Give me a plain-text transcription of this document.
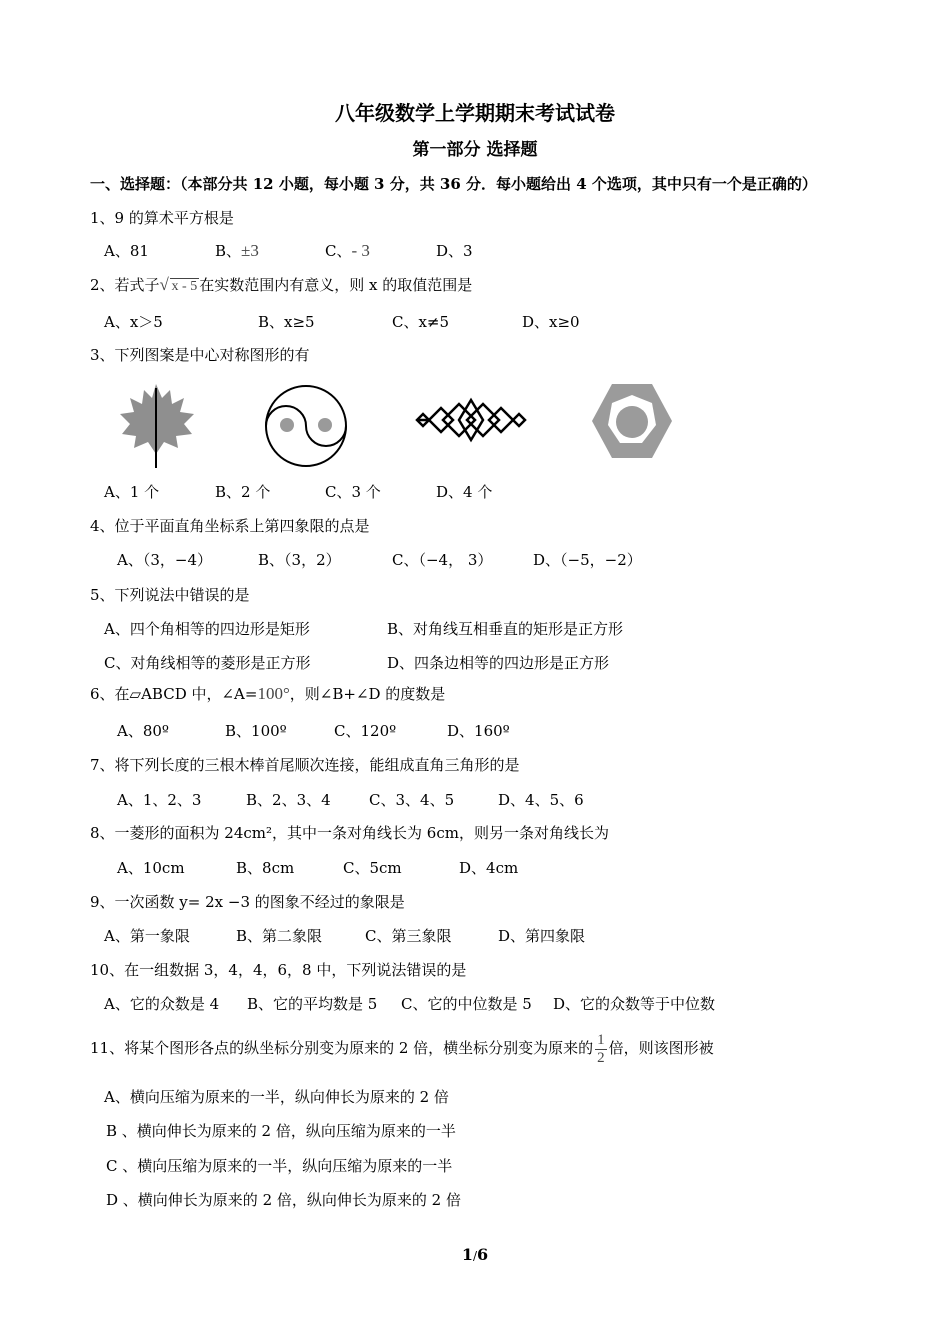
八年级数学上学期期末考试试卷
第一部分 选择题
一、选择题：（本部分共 12 小题，每小题 3 分，共 36 分．每小题给出 4 个选项，其中只有一个是正确的）
1、9 的算术平方根是
A、81	B、±3	C、- 3	D、3
2、若式子 √ x - 5 在实数范围内有意义，则 x 的取值范围是
A、x＞5	B、x≥5	C、x≠5	D、x≥0
3、下列图案是中心对称图形的有
A、1 个	B、2 个	C、3 个	D、4 个
4、位于平面直角坐标系上第四象限的点是
A、（3，−4）	B、（3，2）	C、（−4， 3）	D、（−5，−2）
5、下列说法中错误的是
A、四个角相等的四边形是矩形	B、对角线互相垂直的矩形是正方形
C、对角线相等的菱形是正方形	D、四条边相等的四边形是正方形
6、在▱ABCD 中，∠A=100°，则∠B+∠D 的度数是
A、80º	B、100º	C、120º	D、160º
7、将下列长度的三根木棒首尾顺次连接，能组成直角三角形的是
A、1、2、3	B、2、3、4	C、3、4、5	D、4、5、6
8、一菱形的面积为 24cm²，其中一条对角线长为 6cm，则另一条对角线长为
A、10cm	B、8cm	C、5cm	D、4cm
9、一次函数 y= 2x −3 的图象不经过的象限是
A、第一象限	B、第二象限	C、第三象限	D、第四象限
10、在一组数据 3，4，4，6，8 中，下列说法错误的是
A、它的众数是 4 B、它的平均数是 5 C、它的中位数是 5 D、它的众数等于中位数
11、将某个图形各点的纵坐标分别变为原来的 2 倍，横坐标分别变为原来的 $\frac{1}{2}$ 倍，则该图形被
A、横向压缩为原来的一半，纵向伸长为原来的 2 倍
B 、横向伸长为原来的 2 倍，纵向压缩为原来的一半
C 、横向压缩为原来的一半，纵向压缩为原来的一半
D 、横向伸长为原来的 2 倍，纵向伸长为原来的 2 倍
1/6
